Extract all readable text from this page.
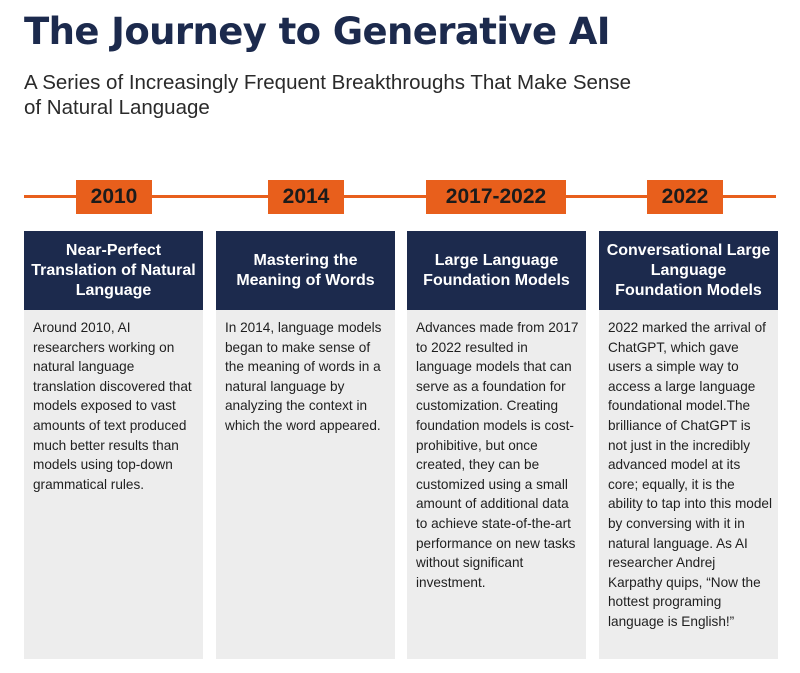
The Journey to Generative AI

A Series of Increasingly Frequent Breakthroughs That Make Sense of Natural Language

2010	2014	2017-2022	2022
Near-Perfect Translation of Natural Language
Around 2010, AI researchers working on natural language translation discovered that models exposed to vast amounts of text produced much better results than models using top-down grammatical rules.
Mastering the Meaning of Words
In 2014, language models began to make sense of the meaning of words in a natural language by analyzing the context in which the word appeared.
Large Language Foundation Models
Advances made from 2017 to 2022 resulted in language models that can serve as a foundation for customization. Creating foundation models is cost-prohibitive, but once created, they can be customized using a small amount of additional data to achieve state-of-the-art performance on new tasks without significant investment.
Conversational Large Language Foundation Models
2022 marked the arrival of ChatGPT, which gave users a simple way to access a large language foundational model.The brilliance of ChatGPT is not just in the incredibly advanced model at its core; equally, it is the ability to tap into this model by conversing with it in natural language. As AI researcher Andrej Karpathy quips, “Now the hottest programing language is English!”
